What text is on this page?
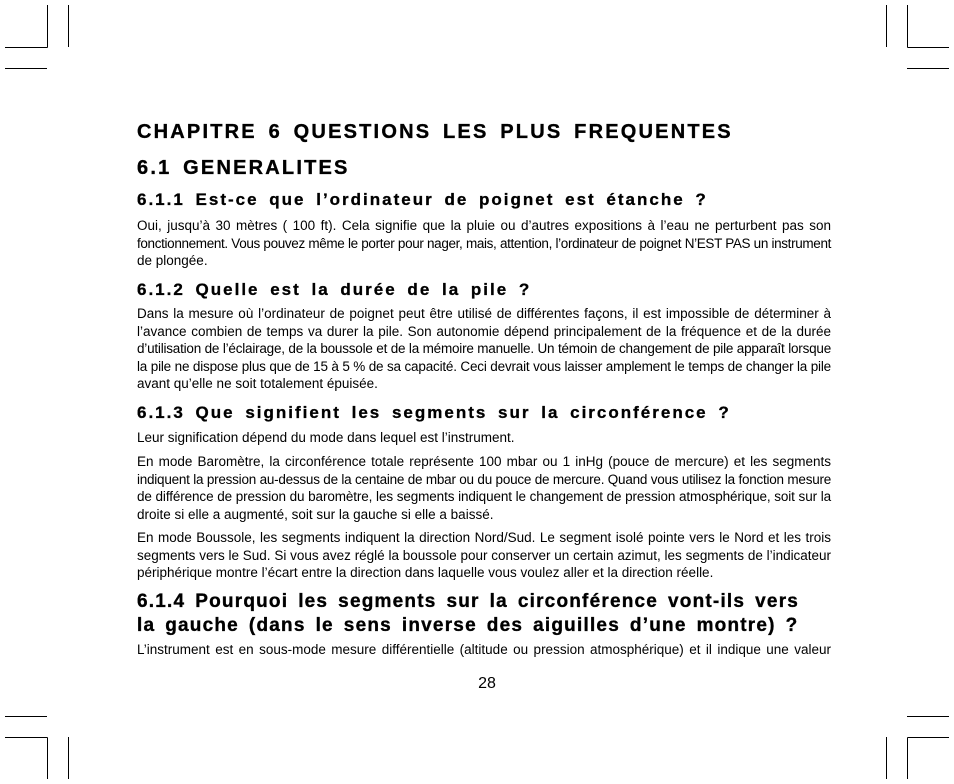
CHAPITRE 6 QUESTIONS LES PLUS FREQUENTES
6.1 GENERALITES
6.1.1 Est-ce que l’ordinateur de poignet est étanche ?
Oui, jusqu’à 30 mètres ( 100 ft). Cela signifie que la pluie ou d’autres expositions à l’eau ne perturbent pas son
fonctionnement. Vous pouvez même le porter pour nager, mais, attention, l’ordinateur de poignet N’EST PAS un instrument
de plongée.
6.1.2 Quelle est la durée de la pile ?
Dans la mesure où l’ordinateur de poignet peut être utilisé de différentes façons, il est impossible de déterminer à
l’avance combien de temps va durer la pile. Son autonomie dépend principalement de la fréquence et de la durée
d’utilisation de l’éclairage, de la boussole et de la mémoire manuelle. Un témoin de changement de pile apparaît lorsque
la pile ne dispose plus que de 15 à 5 % de sa capacité. Ceci devrait vous laisser amplement le temps de changer la pile
avant qu’elle ne soit totalement épuisée.
6.1.3 Que signifient les segments sur la circonférence ?
Leur signification dépend du mode dans lequel est l’instrument.
En mode Baromètre, la circonférence totale représente 100 mbar ou 1 inHg (pouce de mercure) et les segments
indiquent la pression au-dessus de la centaine de mbar ou du pouce de mercure. Quand vous utilisez la fonction mesure
de différence de pression du baromètre, les segments indiquent le changement de pression atmosphérique, soit sur la
droite si elle a augmenté, soit sur la gauche si elle a baissé.
En mode Boussole, les segments indiquent la direction Nord/Sud. Le segment isolé pointe vers le Nord et les trois
segments vers le Sud. Si vous avez réglé la boussole pour conserver un certain azimut, les segments de l’indicateur
périphérique montre l’écart entre la direction dans laquelle vous voulez aller et la direction réelle.
6.1.4 Pourquoi les segments sur la circonférence vont-ils vers
la gauche (dans le sens inverse des aiguilles d’une montre) ?
L’instrument est en sous-mode mesure différentielle (altitude ou pression atmosphérique) et il indique une valeur
28
